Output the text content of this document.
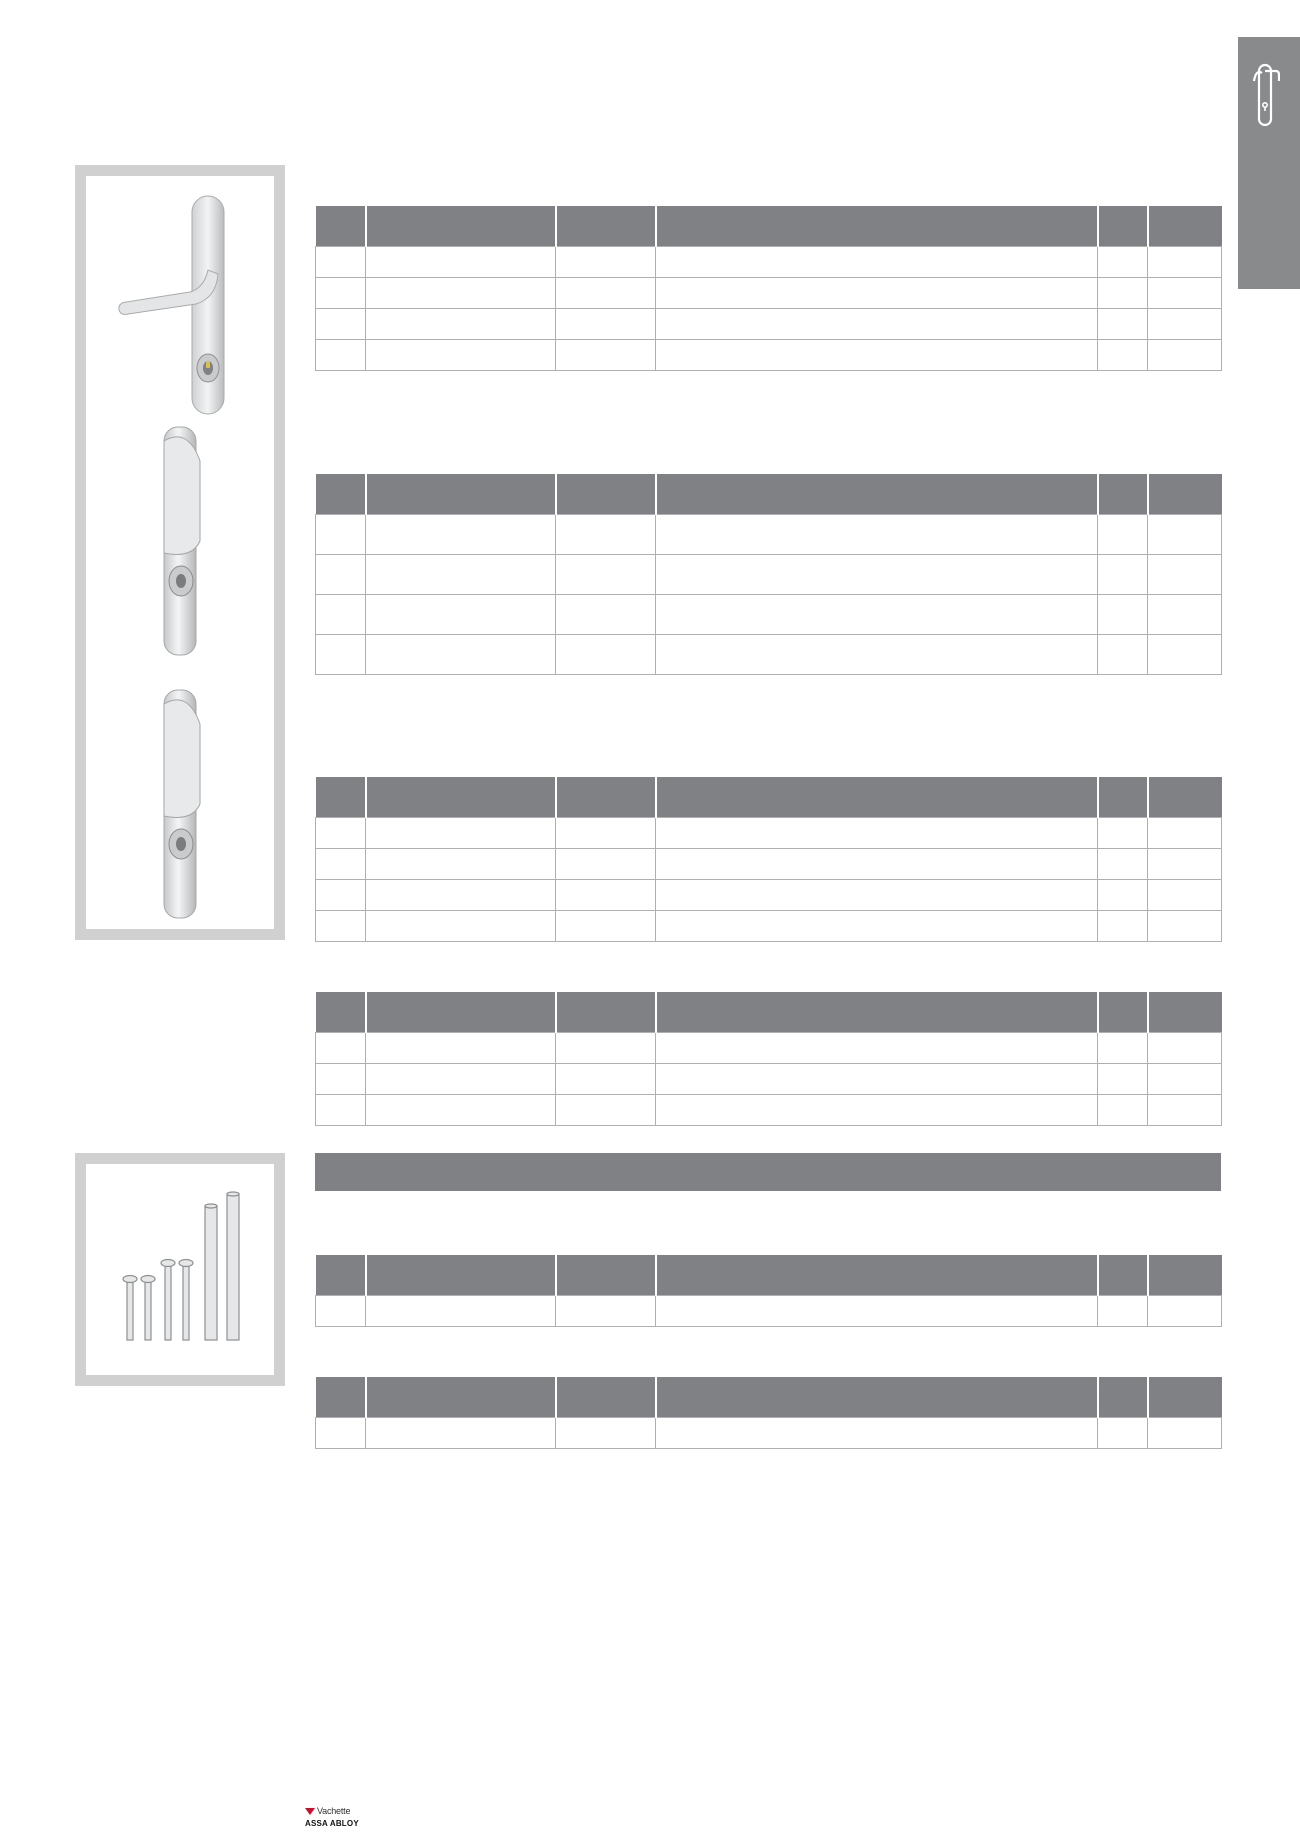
Vachette
ASSA ABLOY
